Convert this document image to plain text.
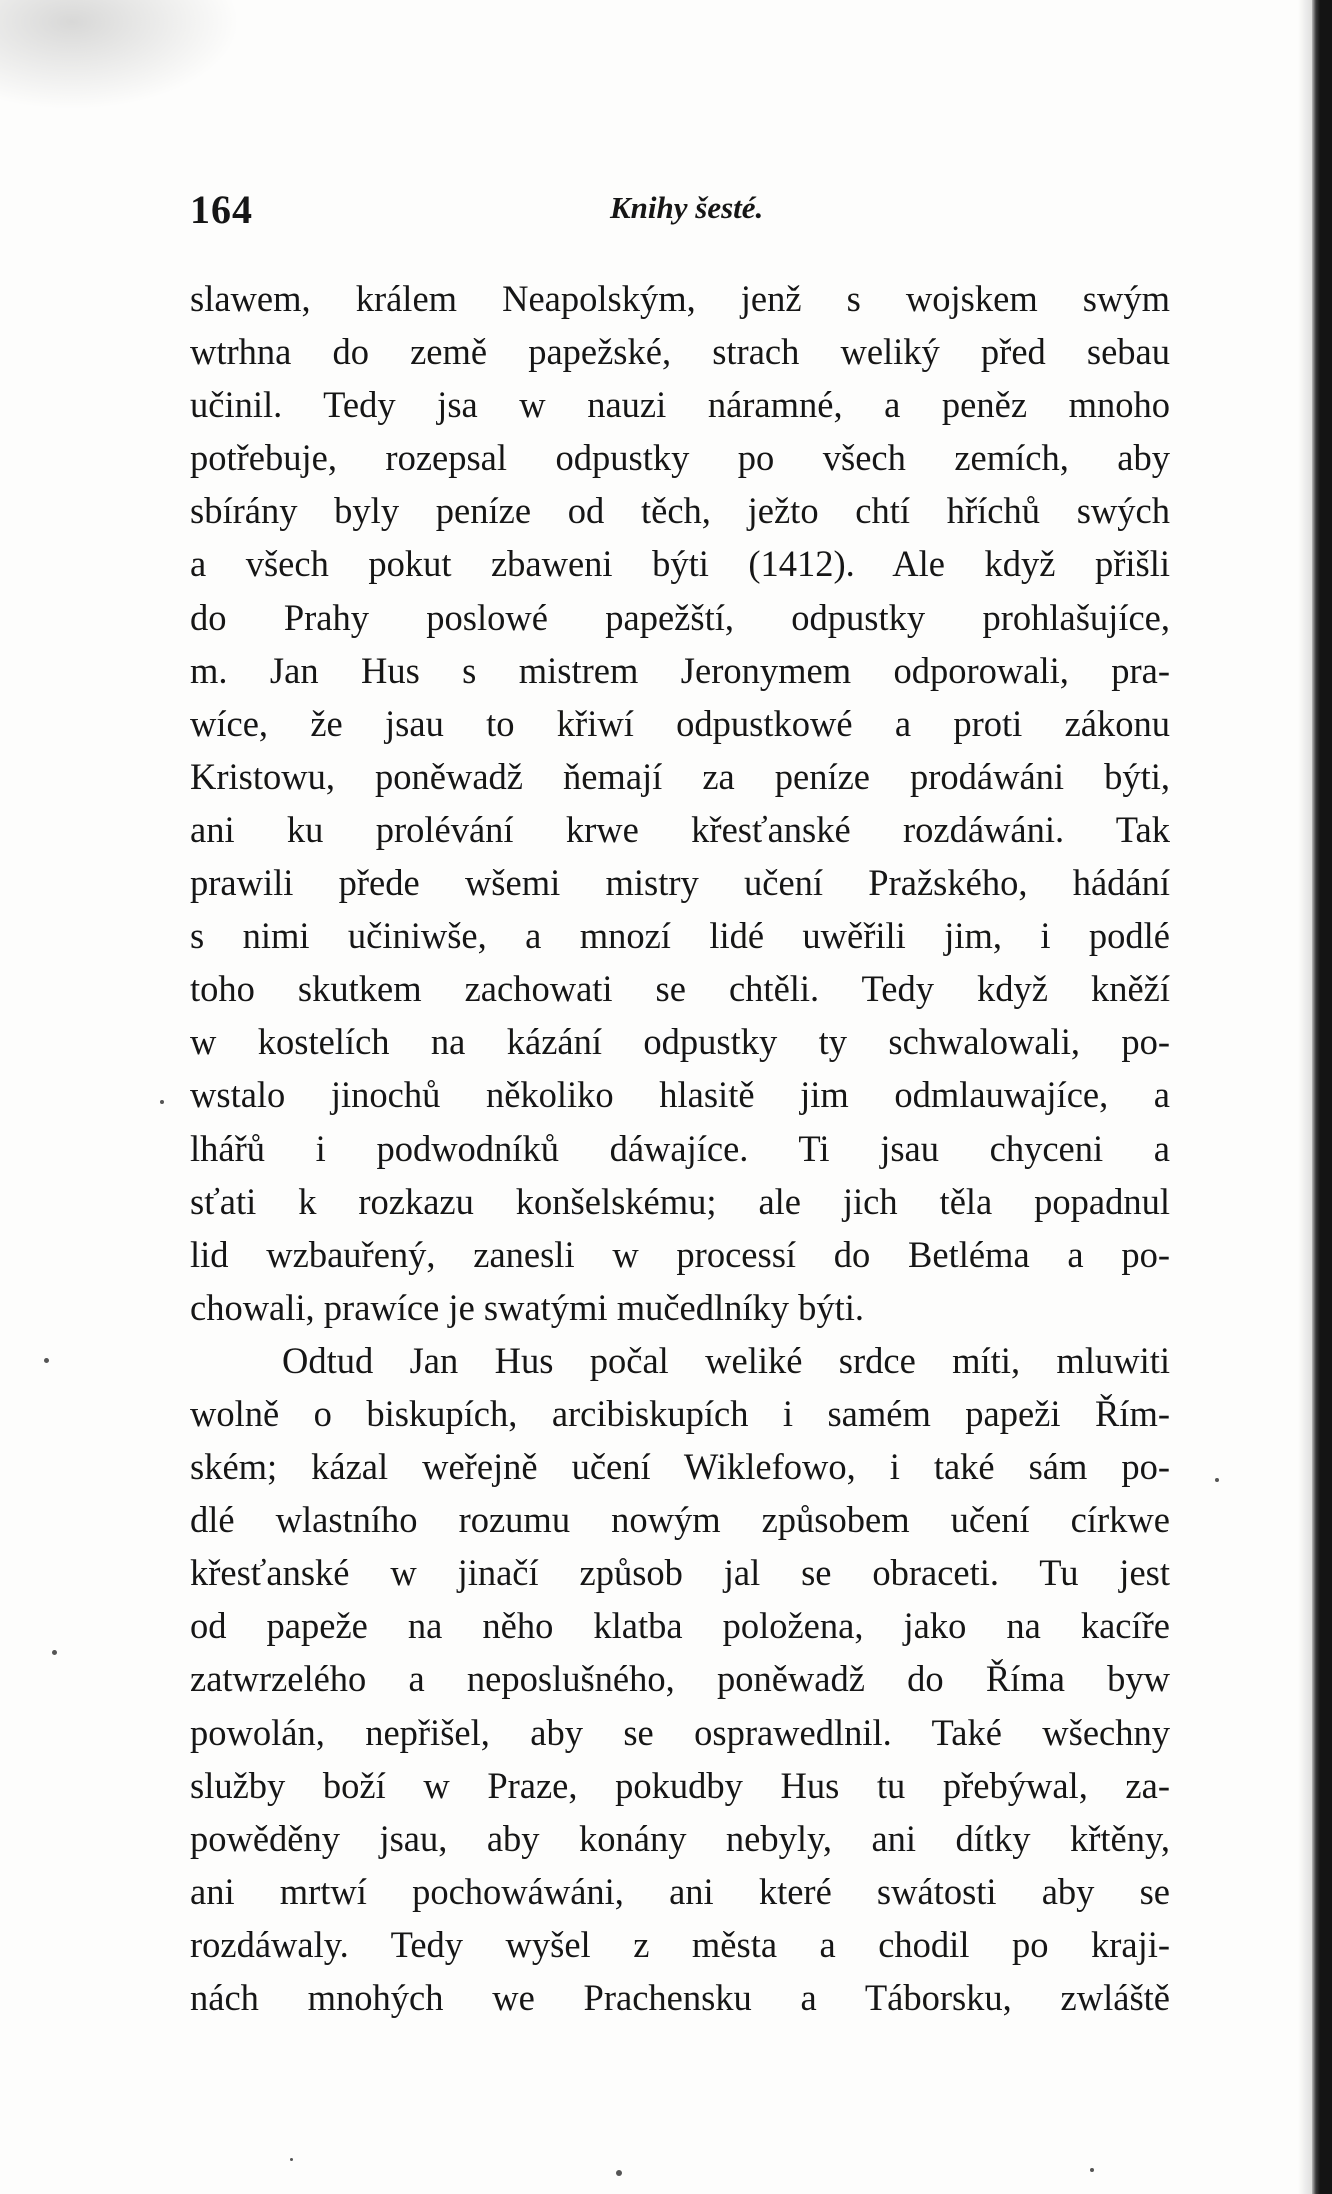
164	Knihy šesté.
slawem, králem Neapolským, jenž s wojskem swým
wtrhna do země papežské, strach weliký před sebau
učinil. Tedy jsa w nauzi náramné, a peněz mnoho
potřebuje, rozepsal odpustky po všech zemích, aby
sbírány byly peníze od těch, ježto chtí hříchů swých
a všech pokut zbaweni býti (1412). Ale když přišli
do Prahy poslowé papežští, odpustky prohlašujíce,
m. Jan Hus s mistrem Jeronymem odporowali, pra-
wíce, že jsau to křiwí odpustkowé a proti zákonu
Kristowu, poněwadž ňemají za peníze prodáwáni býti,
ani ku prolévání krwe křesťanské rozdáwáni. Tak
prawili přede wšemi mistry učení Pražského, hádání
s nimi učiniwše, a mnozí lidé uwěřili jim, i podlé
toho skutkem zachowati se chtěli. Tedy když kněží
w kostelích na kázání odpustky ty schwalowali, po-
wstalo jinochů několiko hlasitě jim odmlauwajíce, a
lhářů i podwodníků dáwajíce. Ti jsau chyceni a
sťati k rozkazu konšelskému; ale jich těla popadnul
lid wzbauřený, zanesli w processí do Betléma a po-
chowali, prawíce je swatými mučedlníky býti.
Odtud Jan Hus počal weliké srdce míti, mluwiti
wolně o biskupích, arcibiskupích i samém papeži Řím-
ském; kázal weřejně učení Wiklefowo, i také sám po-
dlé wlastního rozumu nowým způsobem učení církwe
křesťanské w jinačí způsob jal se obraceti. Tu jest
od papeže na něho klatba položena, jako na kacíře
zatwrzelého a neposlušného, poněwadž do Říma byw
powolán, nepřišel, aby se osprawedlnil. Také wšechny
služby boží w Praze, pokudby Hus tu přebýwal, za-
powěděny jsau, aby konány nebyly, ani dítky křtěny,
ani mrtwí pochowáwáni, ani které swátosti aby se
rozdáwaly. Tedy wyšel z města a chodil po kraji-
nách mnohých we Prachensku a Táborsku, zwláště
